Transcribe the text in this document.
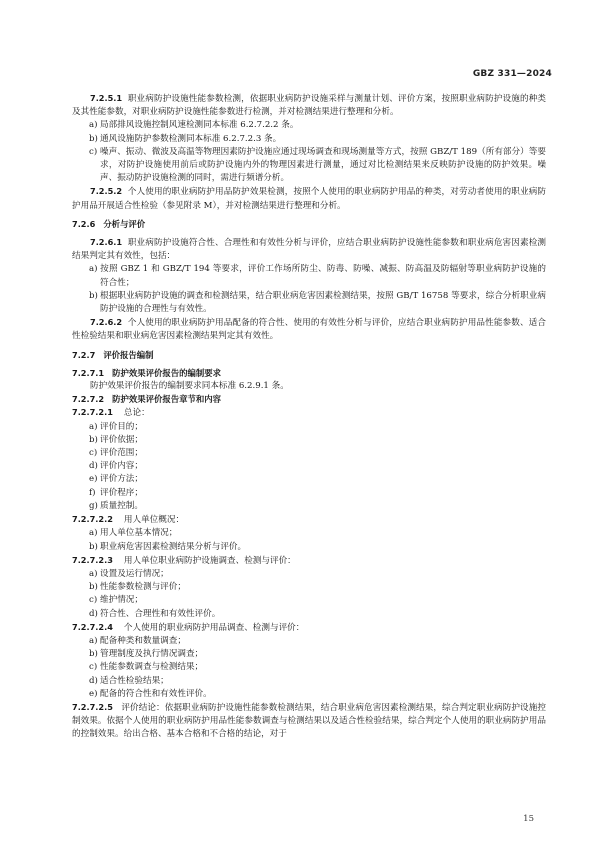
GBZ 331—2024

7.2.5.1 职业病防护设施性能参数检测，依据职业病防护设施采样与测量计划、评价方案，按照职业病防护设施的种类及其性能参数，对职业病防护设施性能参数进行检测，并对检测结果进行整理和分析。

a) 局部排风设施控制风速检测同本标准 6.2.7.2.2 条。

b) 通风设施防护参数检测同本标准 6.2.7.2.3 条。

c) 噪声、振动、微波及高温等物理因素防护设施应通过现场调查和现场测量等方式，按照 GBZ/T 189（所有部分）等要求，对防护设施使用前后或防护设施内外的物理因素进行测量，通过对比检测结果来反映防护设施的防护效果。噪声、振动防护设施检测的同时，需进行频谱分析。

7.2.5.2 个人使用的职业病防护用品防护效果检测，按照个人使用的职业病防护用品的种类，对劳动者使用的职业病防护用品开展适合性检验（参见附录 M），并对检测结果进行整理和分析。

7.2.6 分析与评价

7.2.6.1 职业病防护设施符合性、合理性和有效性分析与评价，应结合职业病防护设施性能参数和职业病危害因素检测结果判定其有效性，包括：

a) 按照 GBZ 1 和 GBZ/T 194 等要求，评价工作场所防尘、防毒、防噪、减振、防高温及防辐射等职业病防护设施的符合性；

b) 根据职业病防护设施的调查和检测结果，结合职业病危害因素检测结果，按照 GB/T 16758 等要求，综合分析职业病防护设施的合理性与有效性。

7.2.6.2 个人使用的职业病防护用品配备的符合性、使用的有效性分析与评价，应结合职业病防护用品性能参数、适合性检验结果和职业病危害因素检测结果判定其有效性。

7.2.7 评价报告编制

7.2.7.1 防护效果评价报告的编制要求

防护效果评价报告的编制要求同本标准 6.2.9.1 条。

7.2.7.2 防护效果评价报告章节和内容

7.2.7.2.1 总论：

a) 评价目的；

b) 评价依据；

c) 评价范围；

d) 评价内容；

e) 评价方法；

f) 评价程序；

g) 质量控制。

7.2.7.2.2 用人单位概况：

a) 用人单位基本情况；

b) 职业病危害因素检测结果分析与评价。

7.2.7.2.3 用人单位职业病防护设施调查、检测与评价：

a) 设置及运行情况；

b) 性能参数检测与评价；

c) 维护情况；

d) 符合性、合理性和有效性评价。

7.2.7.2.4 个人使用的职业病防护用品调查、检测与评价：

a) 配备种类和数量调查；

b) 管理制度及执行情况调查；

c) 性能参数调查与检测结果；

d) 适合性检验结果；

e) 配备的符合性和有效性评价。

7.2.7.2.5 评价结论：依据职业病防护设施性能参数检测结果，结合职业病危害因素检测结果，综合判定职业病防护设施控制效果。依据个人使用的职业病防护用品性能参数调查与检测结果以及适合性检验结果，综合判定个人使用的职业病防护用品的控制效果。给出合格、基本合格和不合格的结论，对于

15
